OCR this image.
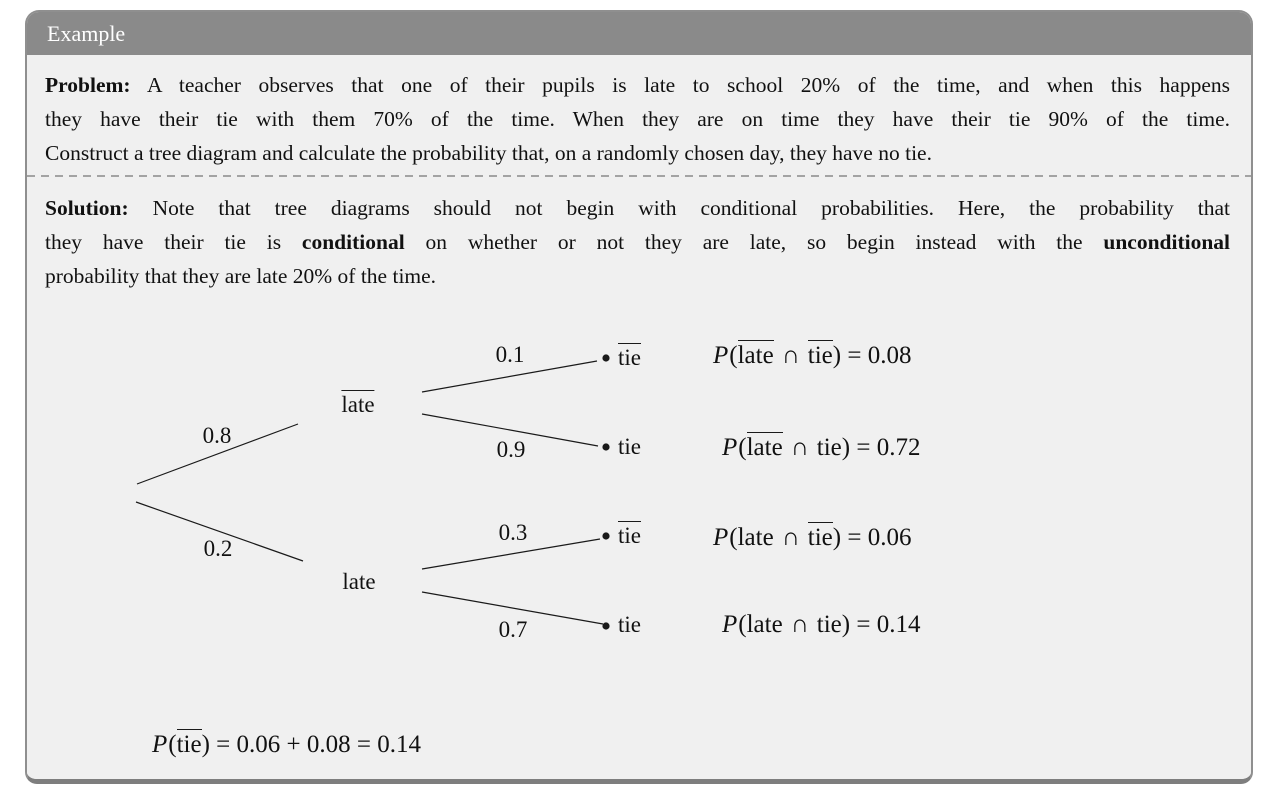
Example
Problem: A teacher observes that one of their pupils is late to school 20% of the time, and when this happens
they have their tie with them 70% of the time. When they are on time they have their tie 90% of the time.
Construct a tree diagram and calculate the probability that, on a randomly chosen day, they have no tie.
Solution: Note that tree diagrams should not begin with conditional probabilities. Here, the probability that
they have their tie is conditional on whether or not they are late, so begin instead with the unconditional
probability that they are late 20% of the time.
0.8
0.2
late
late
0.1
0.9
0.3
0.7
tie
tie
tie
tie
P(late ∩ tie) = 0.08
P(late ∩ tie) = 0.72
P(late ∩ tie) = 0.06
P(late ∩ tie) = 0.14
P(tie) = 0.06 + 0.08 = 0.14
